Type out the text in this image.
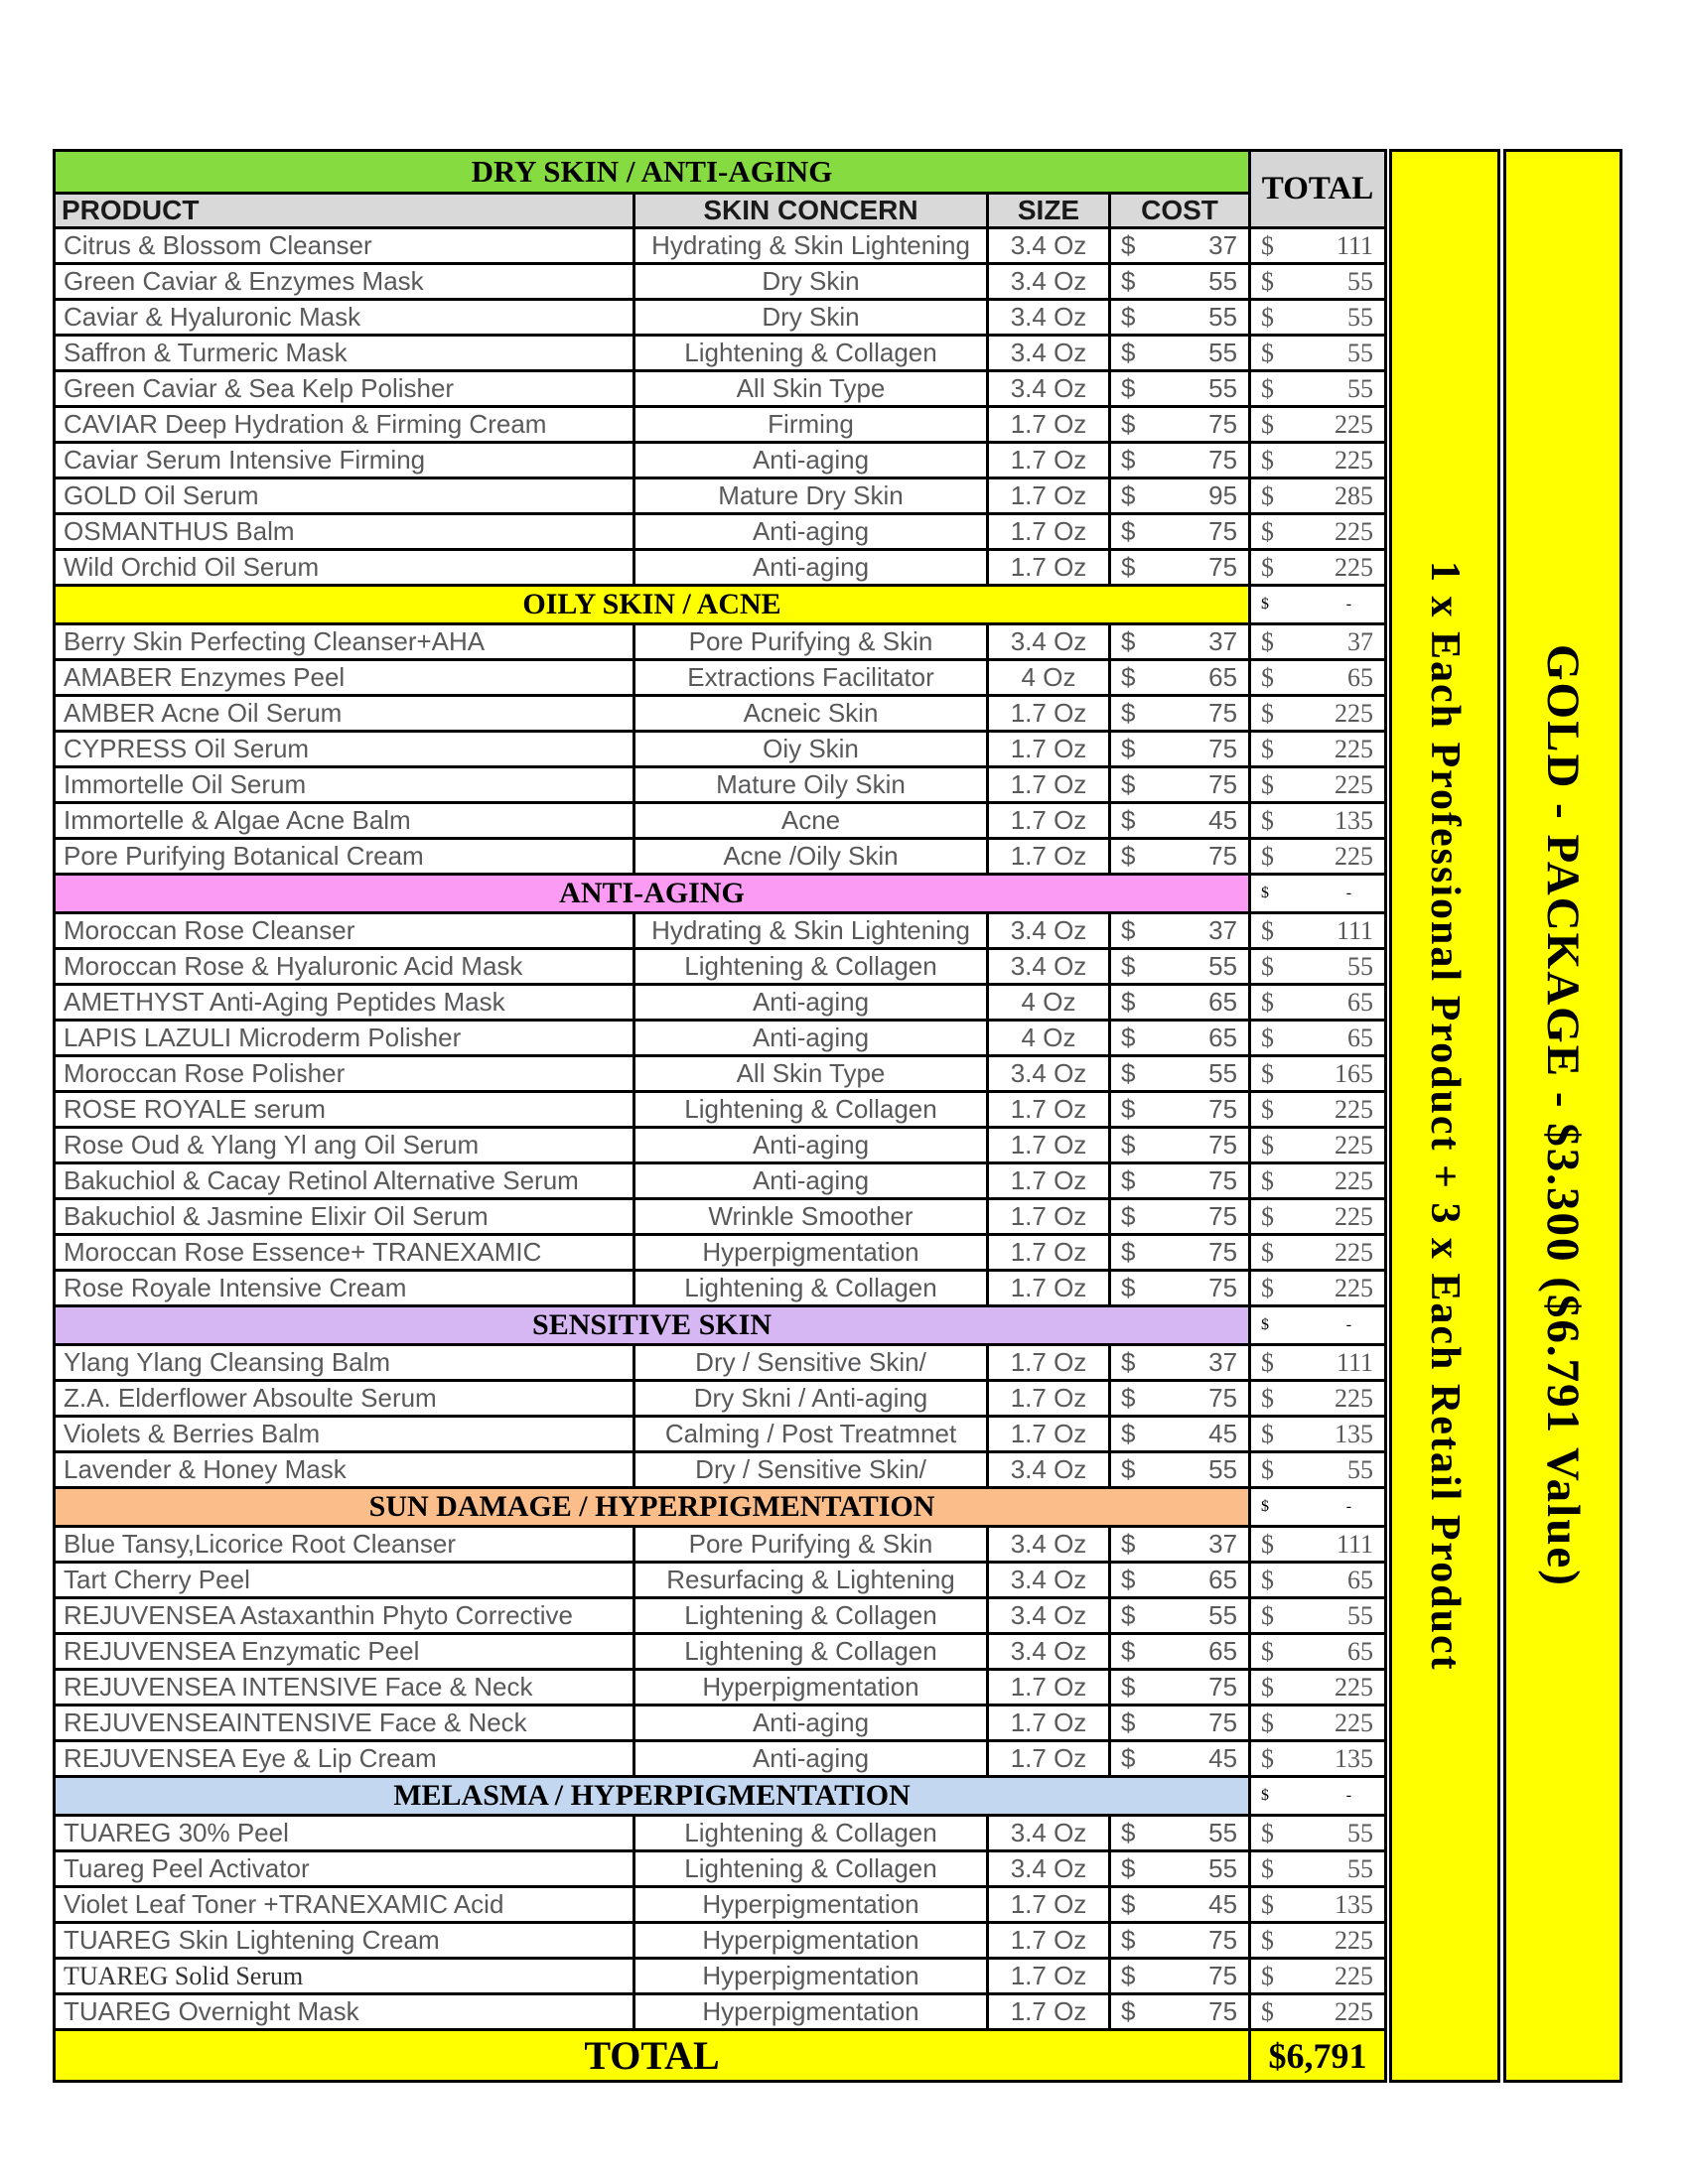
DRY SKIN / ANTI-AGING				TOTAL
PRODUCT	SKIN CONCERN	SIZE	COST	
Citrus & Blossom Cleanser	Hydrating & Skin Lightening	3.4 Oz	$ 37	$ 111

Green Caviar & Enzymes Mask	Dry Skin	3.4 Oz	$ 55	$ 55

Caviar & Hyaluronic Mask	Dry Skin	3.4 Oz	$ 55	$ 55

Saffron & Turmeric Mask	Lightening & Collagen	3.4 Oz	$ 55	$ 55

Green Caviar & Sea Kelp Polisher	All Skin Type	3.4 Oz	$ 55	$ 55

CAVIAR Deep Hydration & Firming Cream	Firming	1.7 Oz	$ 75	$ 225

Caviar Serum Intensive Firming	Anti-aging	1.7 Oz	$ 75	$ 225

GOLD Oil Serum	Mature Dry Skin	1.7 Oz	$ 95	$ 285

OSMANTHUS Balm	Anti-aging	1.7 Oz	$ 75	$ 225

Wild Orchid Oil Serum	Anti-aging	1.7 Oz	$ 75	$ 225

OILY SKIN / ACNE				$ -

Berry Skin Perfecting Cleanser+AHA	Pore Purifying & Skin	3.4 Oz	$ 37	$ 37

AMABER Enzymes Peel	Extractions Facilitator	4 Oz	$ 65	$ 65

AMBER Acne Oil Serum	Acneic Skin	1.7 Oz	$ 75	$ 225

CYPRESS Oil Serum	Oiy Skin	1.7 Oz	$ 75	$ 225

Immortelle Oil Serum	Mature Oily Skin	1.7 Oz	$ 75	$ 225

Immortelle & Algae Acne Balm	Acne	1.7 Oz	$ 45	$ 135

Pore Purifying Botanical Cream	Acne /Oily Skin	1.7 Oz	$ 75	$ 225

ANTI-AGING				$ -

Moroccan Rose Cleanser	Hydrating & Skin Lightening	3.4 Oz	$ 37	$ 111

Moroccan Rose & Hyaluronic Acid Mask	Lightening & Collagen	3.4 Oz	$ 55	$ 55

AMETHYST Anti-Aging Peptides Mask	Anti-aging	4 Oz	$ 65	$ 65

LAPIS LAZULI Microderm Polisher	Anti-aging	4 Oz	$ 65	$ 65

Moroccan Rose Polisher	All Skin Type	3.4 Oz	$ 55	$ 165

ROSE ROYALE serum	Lightening & Collagen	1.7 Oz	$ 75	$ 225

Rose Oud & Ylang Yl ang Oil Serum	Anti-aging	1.7 Oz	$ 75	$ 225

Bakuchiol & Cacay Retinol Alternative Serum	Anti-aging	1.7 Oz	$ 75	$ 225

Bakuchiol & Jasmine Elixir Oil Serum	Wrinkle Smoother	1.7 Oz	$ 75	$ 225

Moroccan Rose Essence+ TRANEXAMIC	Hyperpigmentation	1.7 Oz	$ 75	$ 225

Rose Royale Intensive Cream	Lightening & Collagen	1.7 Oz	$ 75	$ 225

SENSITIVE SKIN				$ -

Ylang Ylang Cleansing Balm	Dry / Sensitive Skin/	1.7 Oz	$ 37	$ 111

Z.A. Elderflower Absoulte Serum	Dry Skni / Anti-aging	1.7 Oz	$ 75	$ 225

Violets & Berries Balm	Calming / Post Treatmnet	1.7 Oz	$ 45	$ 135

Lavender & Honey Mask	Dry / Sensitive Skin/	3.4 Oz	$ 55	$ 55

SUN DAMAGE / HYPERPIGMENTATION				$ -

Blue Tansy,Licorice Root Cleanser	Pore Purifying & Skin	3.4 Oz	$ 37	$ 111

Tart Cherry Peel	Resurfacing & Lightening	3.4 Oz	$ 65	$ 65

REJUVENSEA Astaxanthin Phyto Corrective	Lightening & Collagen	3.4 Oz	$ 55	$ 55

REJUVENSEA Enzymatic Peel	Lightening & Collagen	3.4 Oz	$ 65	$ 65

REJUVENSEA INTENSIVE Face & Neck	Hyperpigmentation	1.7 Oz	$ 75	$ 225

REJUVENSEAINTENSIVE Face & Neck	Anti-aging	1.7 Oz	$ 75	$ 225

REJUVENSEA Eye & Lip Cream	Anti-aging	1.7 Oz	$ 45	$ 135

MELASMA / HYPERPIGMENTATION				$ -

TUAREG 30% Peel	Lightening & Collagen	3.4 Oz	$ 55	$ 55

Tuareg Peel Activator	Lightening & Collagen	3.4 Oz	$ 55	$ 55

Violet Leaf Toner +TRANEXAMIC Acid	Hyperpigmentation	1.7 Oz	$ 45	$ 135

TUAREG Skin Lightening Cream	Hyperpigmentation	1.7 Oz	$ 75	$ 225

TUAREG Solid Serum	Hyperpigmentation	1.7 Oz	$ 75	$ 225

TUAREG Overnight Mask	Hyperpigmentation	1.7 Oz	$ 75	$ 225

TOTAL				$6,791
1 x Each Professional Product + 3 x Each Retail Product GOLD - PACKAGE - $3.300 ($6.791 Value)
